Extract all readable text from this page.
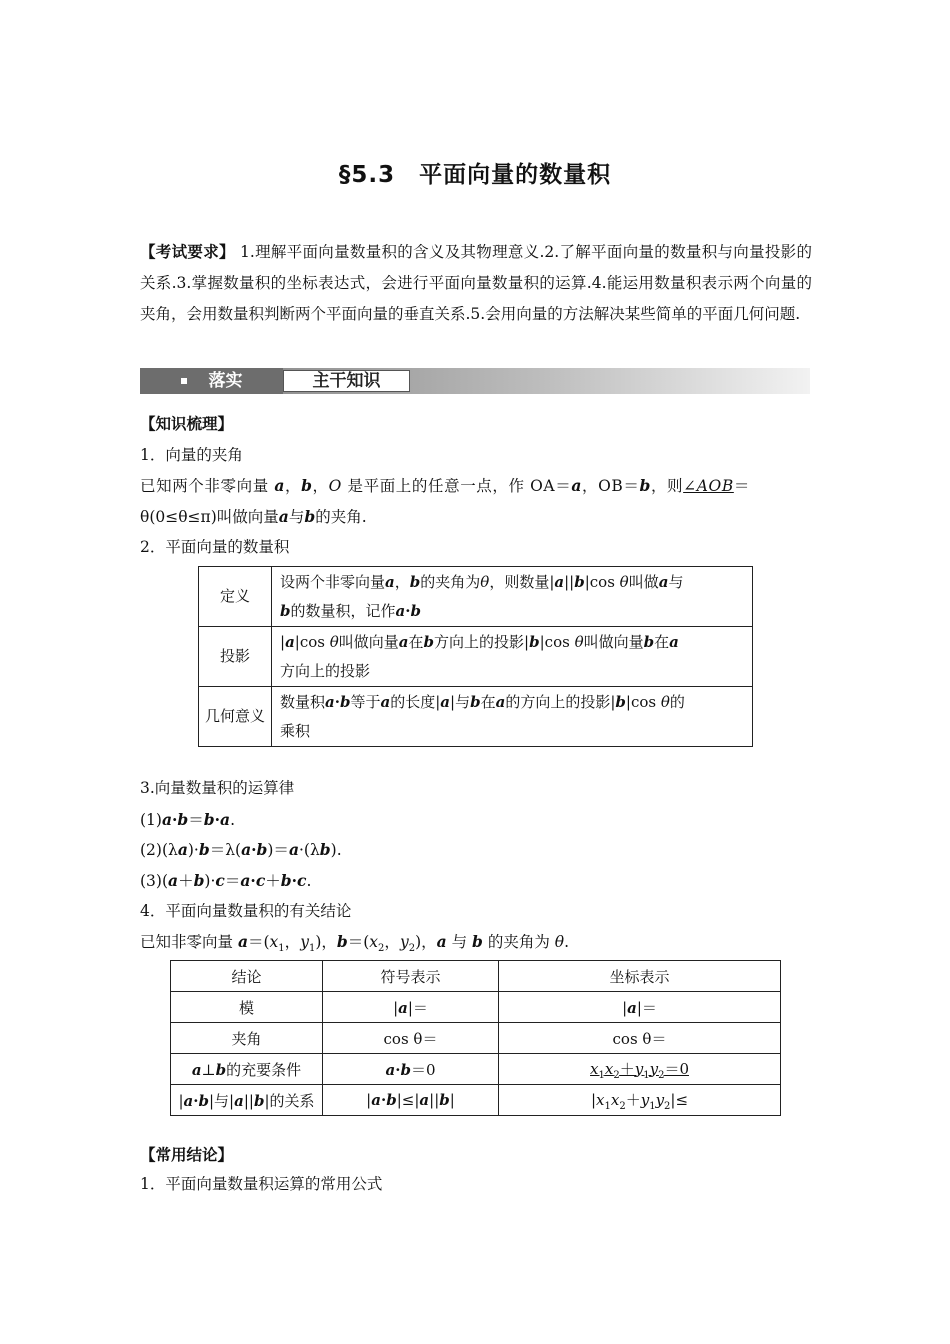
§5.3　平面向量的数量积
【考试要求】 1.理解平面向量数量积的含义及其物理意义.2.了解平面向量的数量积与向量投影的关系.3.掌握数量积的坐标表达式，会进行平面向量数量积的运算.4.能运用数量积表示两个向量的夹角，会用数量积判断两个平面向量的垂直关系.5.会用向量的方法解决某些简单的平面几何问题.
落实	主干知识
【知识梳理】
1．向量的夹角
已知两个非零向量 a，b，O 是平面上的任意一点，作 OA＝a，OB＝b，则∠AOB＝
θ(0≤θ≤π)叫做向量a与b的夹角.
2．平面向量的数量积
定义	设两个非零向量a，b的夹角为θ，则数量|a||b|cos θ叫做a与
b的数量积，记作a·b
投影	|a|cos θ叫做向量a在b方向上的投影|b|cos θ叫做向量b在a
方向上的投影
几何意义	数量积a·b等于a的长度|a|与b在a的方向上的投影|b|cos θ的
乘积
3.向量数量积的运算律
(1)a·b＝b·a.
(2)(λa)·b＝λ(a·b)＝a·(λb).
(3)(a＋b)·c＝a·c＋b·c.
4．平面向量数量积的有关结论
已知非零向量 $a=(x_1$，$y_1$)，$b=(x_2$，$y_2$)，a 与 b 的夹角为 θ.
结论	符号表示	坐标表示
模	|a|＝	|a|＝
夹角	cos θ＝	cos θ＝
a⊥b的充要条件	a·b＝0	$x_1x_2+y_1y_2=0$
|a·b|与|a||b|的关系	|a·b|≤|a||b|	$|x_1x_2+y_1y_2|\le$
【常用结论】
1．平面向量数量积运算的常用公式
